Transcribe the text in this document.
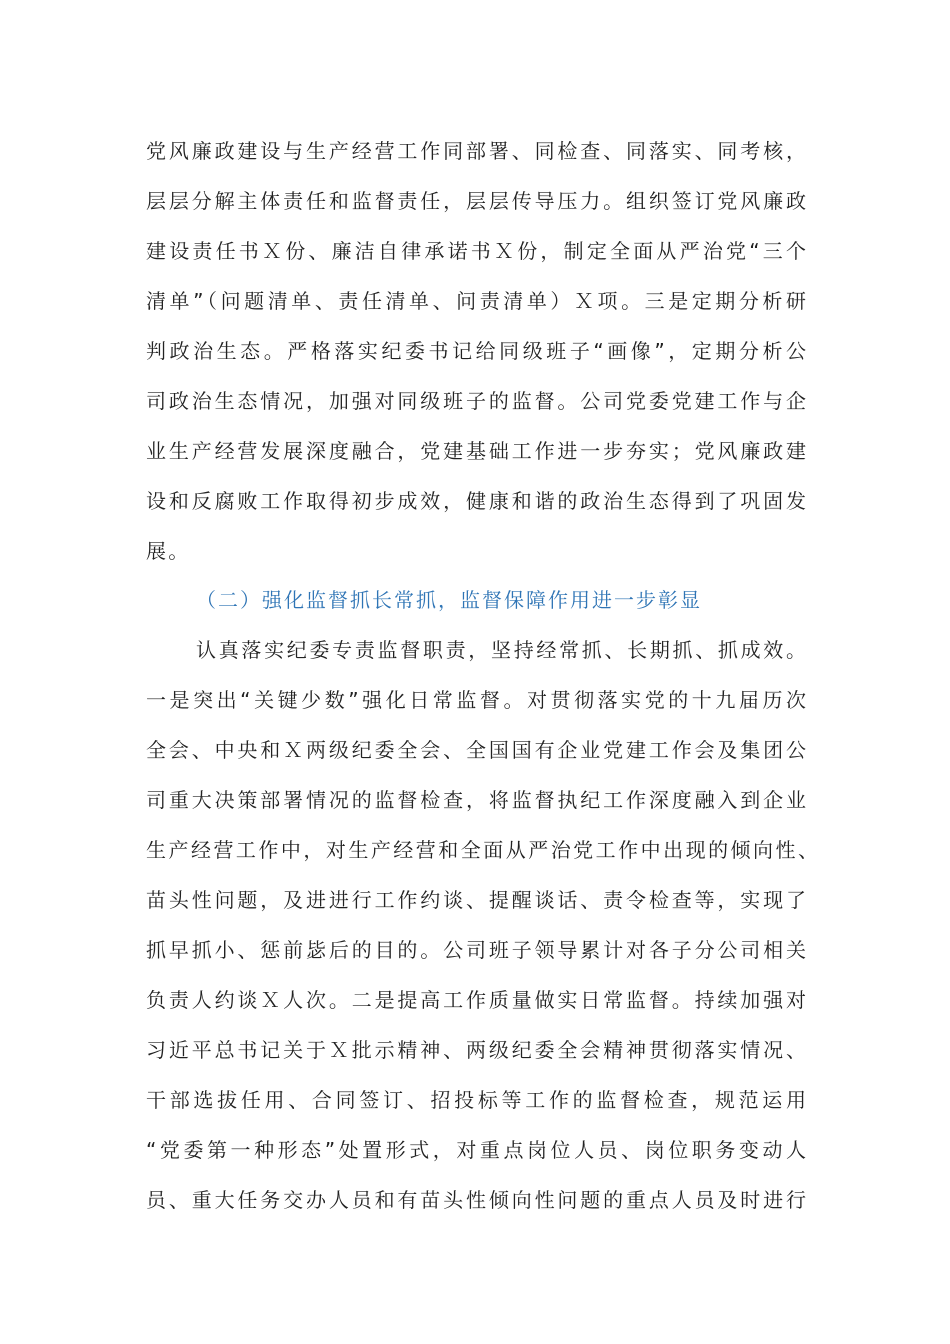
党风廉政建设与生产经营工作同部署、同检查、同落实、同考核，
层层分解主体责任和监督责任，层层传导压力。组织签订党风廉政
建设责任书Ｘ份、廉洁自律承诺书Ｘ份，制定全面从严治党“三个
清单”（问题清单、责任清单、问责清单）Ｘ项。三是定期分析研
判政治生态。严格落实纪委书记给同级班子“画像”，定期分析公
司政治生态情况，加强对同级班子的监督。公司党委党建工作与企
业生产经营发展深度融合，党建基础工作进一步夯实；党风廉政建
设和反腐败工作取得初步成效，健康和谐的政治生态得到了巩固发
展。
（二）强化监督抓长常抓，监督保障作用进一步彰显
认真落实纪委专责监督职责，坚持经常抓、长期抓、抓成效。
一是突出“关键少数”强化日常监督。对贯彻落实党的十九届历次
全会、中央和Ｘ两级纪委全会、全国国有企业党建工作会及集团公
司重大决策部署情况的监督检查，将监督执纪工作深度融入到企业
生产经营工作中，对生产经营和全面从严治党工作中出现的倾向性、
苗头性问题，及进进行工作约谈、提醒谈话、责令检查等，实现了
抓早抓小、惩前毖后的目的。公司班子领导累计对各子分公司相关
负责人约谈Ｘ人次。二是提高工作质量做实日常监督。持续加强对
习近平总书记关于Ｘ批示精神、两级纪委全会精神贯彻落实情况、
干部选拔任用、合同签订、招投标等工作的监督检查，规范运用
“党委第一种形态”处置形式，对重点岗位人员、岗位职务变动人
员、重大任务交办人员和有苗头性倾向性问题的重点人员及时进行
